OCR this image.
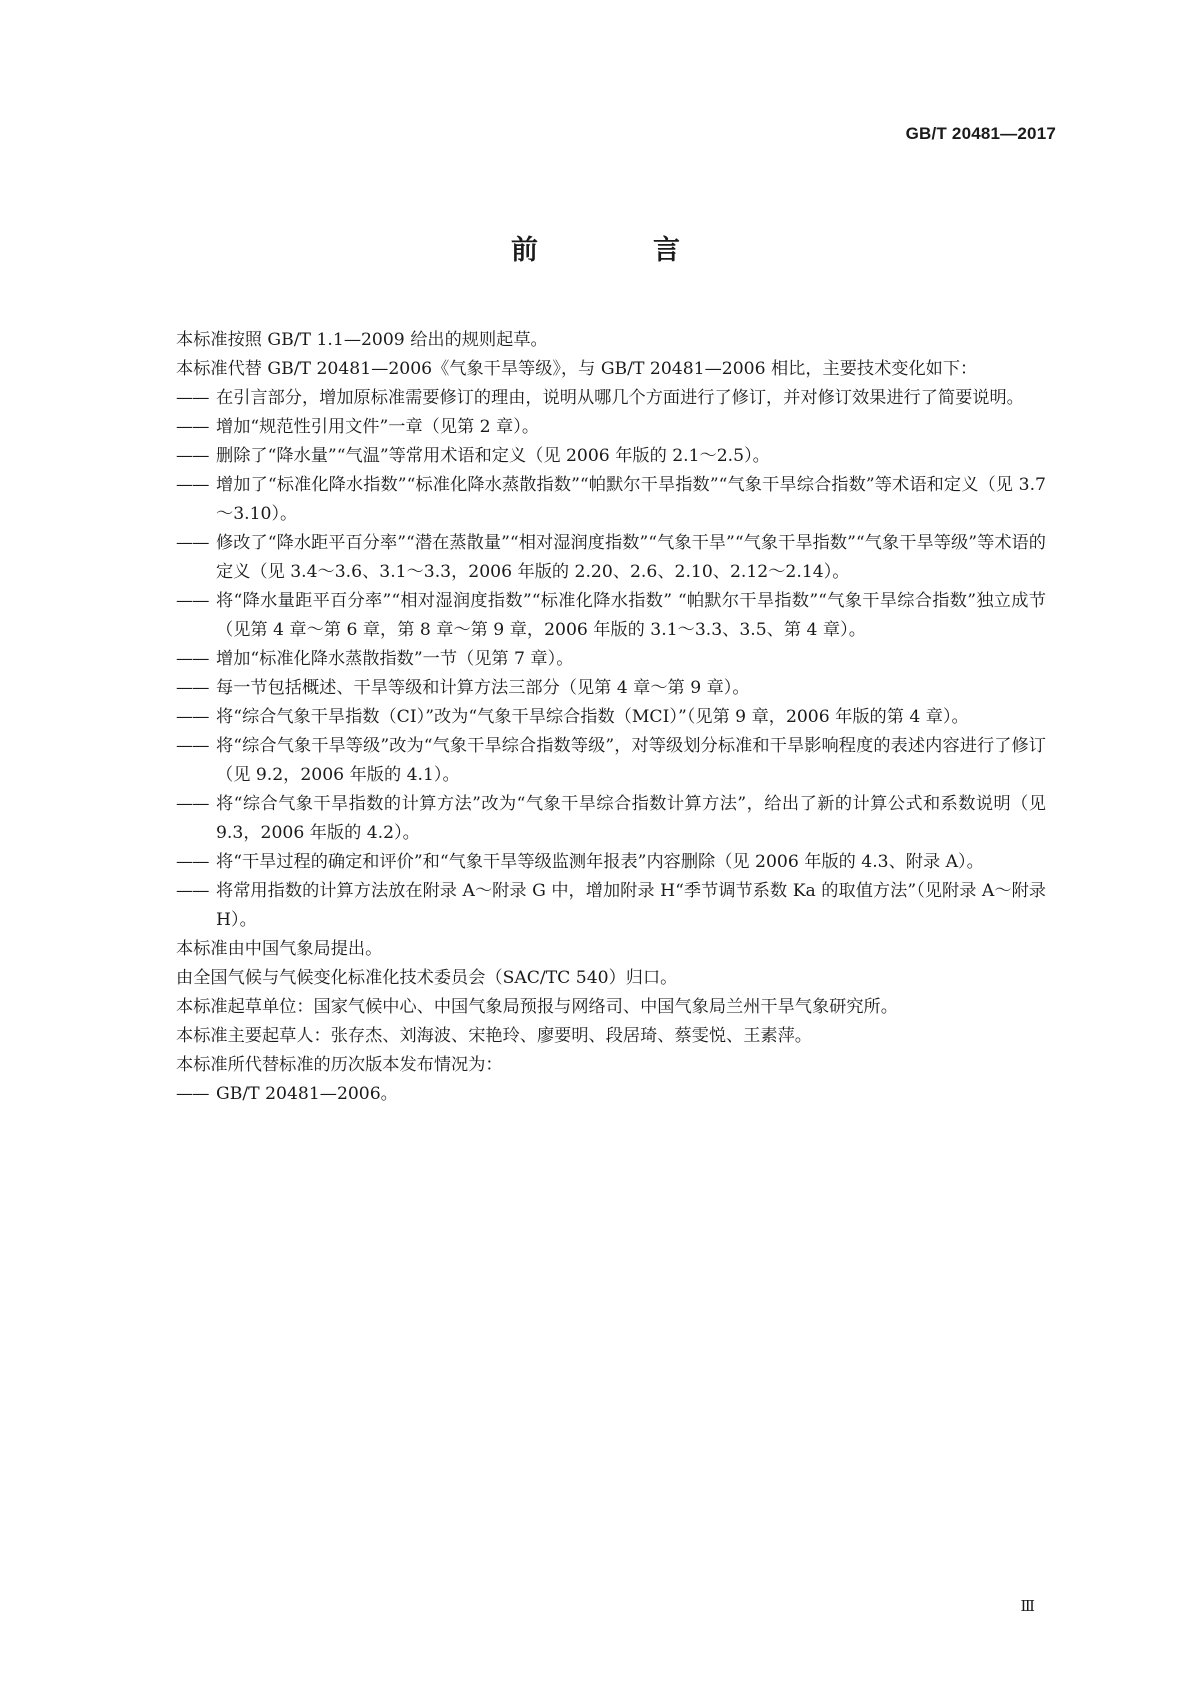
GB/T 20481—2017
前　言

本标准按照 GB/T 1.1—2009 给出的规则起草。

本标准代替 GB/T 20481—2006《气象干旱等级》，与 GB/T 20481—2006 相比，主要技术变化如下：

—— 在引言部分，增加原标准需要修订的理由，说明从哪几个方面进行了修订，并对修订效果进行了简要说明。
—— 增加“规范性引用文件”一章（见第 2 章）。
—— 删除了“降水量”“气温”等常用术语和定义（见 2006 年版的 2.1～2.5）。
—— 增加了“标准化降水指数”“标准化降水蒸散指数”“帕默尔干旱指数”“气象干旱综合指数”等术语和定义（见 3.7～3.10）。
—— 修改了“降水距平百分率”“潜在蒸散量”“相对湿润度指数”“气象干旱”“气象干旱指数”“气象干旱等级”等术语的定义（见 3.4～3.6、3.1～3.3，2006 年版的 2.20、2.6、2.10、2.12～2.14）。
—— 将“降水量距平百分率”“相对湿润度指数”“标准化降水指数” “帕默尔干旱指数”“气象干旱综合指数”独立成节（见第 4 章～第 6 章，第 8 章～第 9 章，2006 年版的 3.1～3.3、3.5、第 4 章）。
—— 增加“标准化降水蒸散指数”一节（见第 7 章）。
—— 每一节包括概述、干旱等级和计算方法三部分（见第 4 章～第 9 章）。
—— 将“综合气象干旱指数（CI）”改为“气象干旱综合指数（MCI）”（见第 9 章，2006 年版的第 4 章）。
—— 将“综合气象干旱等级”改为“气象干旱综合指数等级”，对等级划分标准和干旱影响程度的表述内容进行了修订（见 9.2，2006 年版的 4.1）。
—— 将“综合气象干旱指数的计算方法”改为“气象干旱综合指数计算方法”，给出了新的计算公式和系数说明（见 9.3，2006 年版的 4.2）。
—— 将“干旱过程的确定和评价”和“气象干旱等级监测年报表”内容删除（见 2006 年版的 4.3、附录 A）。
—— 将常用指数的计算方法放在附录 A～附录 G 中，增加附录 H“季节调节系数 Ka 的取值方法”（见附录 A～附录 H）。

本标准由中国气象局提出。

由全国气候与气候变化标准化技术委员会（SAC/TC 540）归口。

本标准起草单位：国家气候中心、中国气象局预报与网络司、中国气象局兰州干旱气象研究所。

本标准主要起草人：张存杰、刘海波、宋艳玲、廖要明、段居琦、蔡雯悦、王素萍。

本标准所代替标准的历次版本发布情况为：

—— GB/T 20481—2006。
Ⅲ
